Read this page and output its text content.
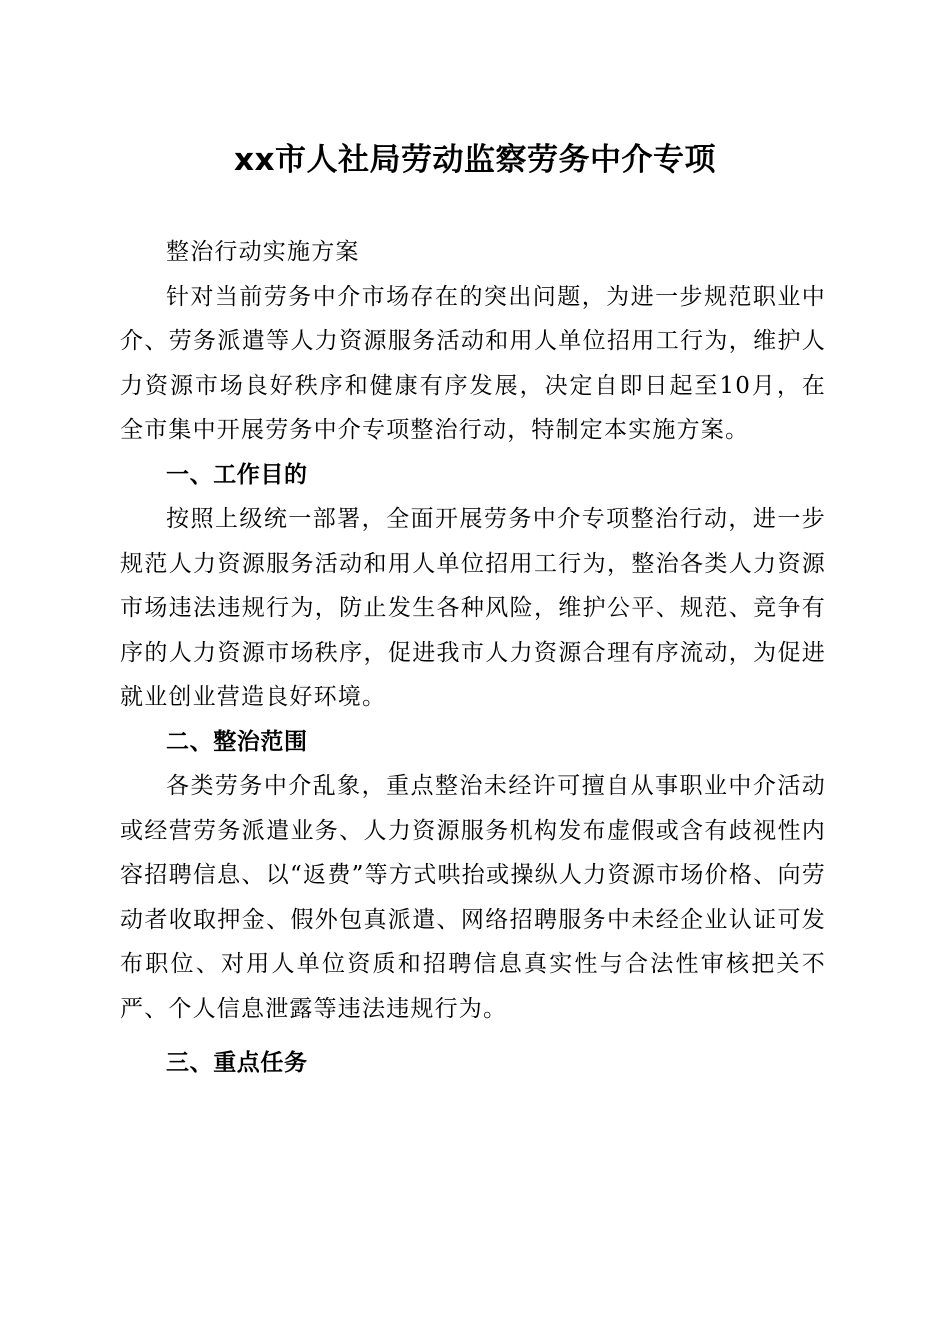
xx市人社局劳动监察劳务中介专项

整治行动实施方案

针对当前劳务中介市场存在的突出问题，为进一步规范职业中介、劳务派遣等人力资源服务活动和用人单位招用工行为，维护人力资源市场良好秩序和健康有序发展，决定自即日起至10月，在全市集中开展劳务中介专项整治行动，特制定本实施方案。

一、工作目的

按照上级统一部署，全面开展劳务中介专项整治行动，进一步规范人力资源服务活动和用人单位招用工行为，整治各类人力资源市场违法违规行为，防止发生各种风险，维护公平、规范、竞争有序的人力资源市场秩序，促进我市人力资源合理有序流动，为促进就业创业营造良好环境。

二、整治范围

各类劳务中介乱象，重点整治未经许可擅自从事职业中介活动或经营劳务派遣业务、人力资源服务机构发布虚假或含有歧视性内容招聘信息、以“返费”等方式哄抬或操纵人力资源市场价格、向劳动者收取押金、假外包真派遣、网络招聘服务中未经企业认证可发布职位、对用人单位资质和招聘信息真实性与合法性审核把关不严、个人信息泄露等违法违规行为。

三、重点任务
